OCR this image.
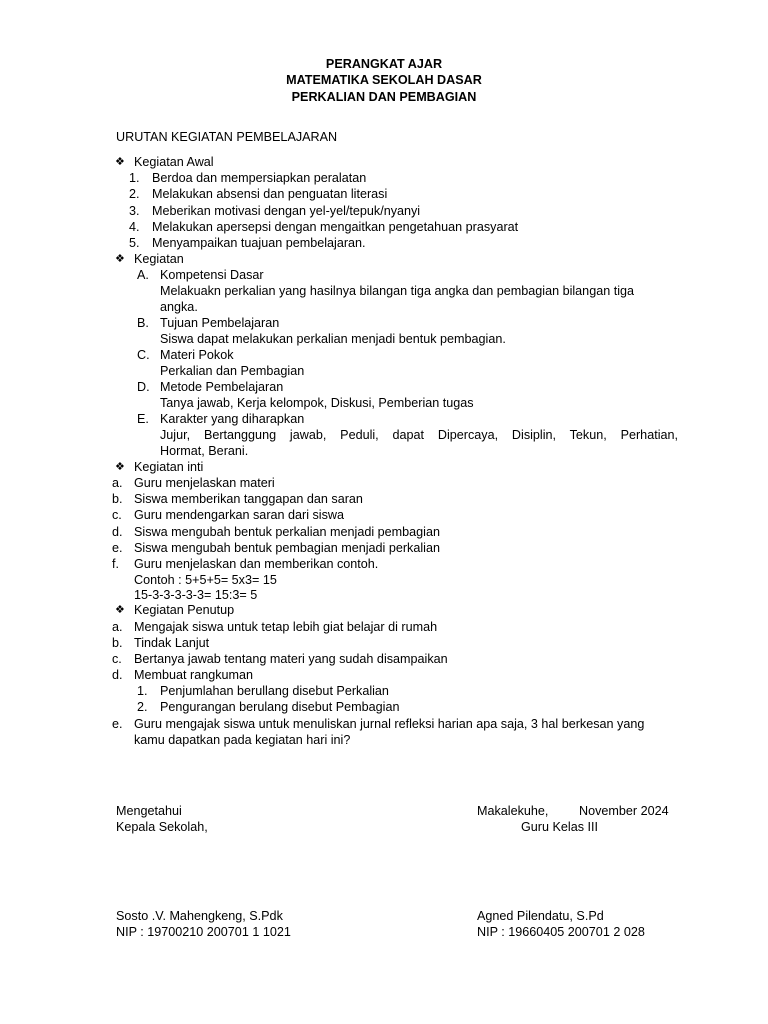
PERANGKAT AJAR
MATEMATIKA SEKOLAH DASAR
PERKALIAN DAN PEMBAGIAN
URUTAN KEGIATAN PEMBELAJARAN
❖ Kegiatan Awal
1. Berdoa dan mempersiapkan peralatan
2. Melakukan absensi dan penguatan literasi
3. Meberikan motivasi dengan yel-yel/tepuk/nyanyi
4. Melakukan apersepsi dengan mengaitkan pengetahuan prasyarat
5. Menyampaikan tuajuan pembelajaran.
❖ Kegiatan
A. Kompetensi Dasar
Melakuakn perkalian yang hasilnya bilangan tiga angka dan pembagian bilangan tiga
angka.
B. Tujuan Pembelajaran
Siswa dapat melakukan perkalian menjadi bentuk pembagian.
C. Materi Pokok
Perkalian dan Pembagian
D. Metode Pembelajaran
Tanya jawab, Kerja kelompok, Diskusi, Pemberian tugas
E. Karakter yang diharapkan
Jujur, Bertanggung jawab, Peduli, dapat Dipercaya, Disiplin, Tekun, Perhatian,
Hormat, Berani.
❖ Kegiatan inti
a. Guru menjelaskan materi
b. Siswa memberikan tanggapan dan saran
c. Guru mendengarkan saran dari siswa
d. Siswa mengubah bentuk perkalian menjadi pembagian
e. Siswa mengubah bentuk pembagian menjadi perkalian
f. Guru menjelaskan dan memberikan contoh.
Contoh : 5+5+5= 5x3= 15
15-3-3-3-3-3= 15:3= 5
❖ Kegiatan Penutup
a. Mengajak siswa untuk tetap lebih giat belajar di rumah
b. Tindak Lanjut
c. Bertanya jawab tentang materi yang sudah disampaikan
d. Membuat rangkuman
1. Penjumlahan berullang disebut Perkalian
2. Pengurangan berulang disebut Pembagian
e. Guru mengajak siswa untuk menuliskan jurnal refleksi harian apa saja, 3 hal berkesan yang
kamu dapatkan pada kegiatan hari ini?
Mengetahui	Makalekuhe, November 2024
Kepala Sekolah,	Guru Kelas III
Sosto .V. Mahengkeng, S.Pdk	Agned Pilendatu, S.Pd
NIP : 19700210 200701 1 1021	NIP : 19660405 200701 2 028
